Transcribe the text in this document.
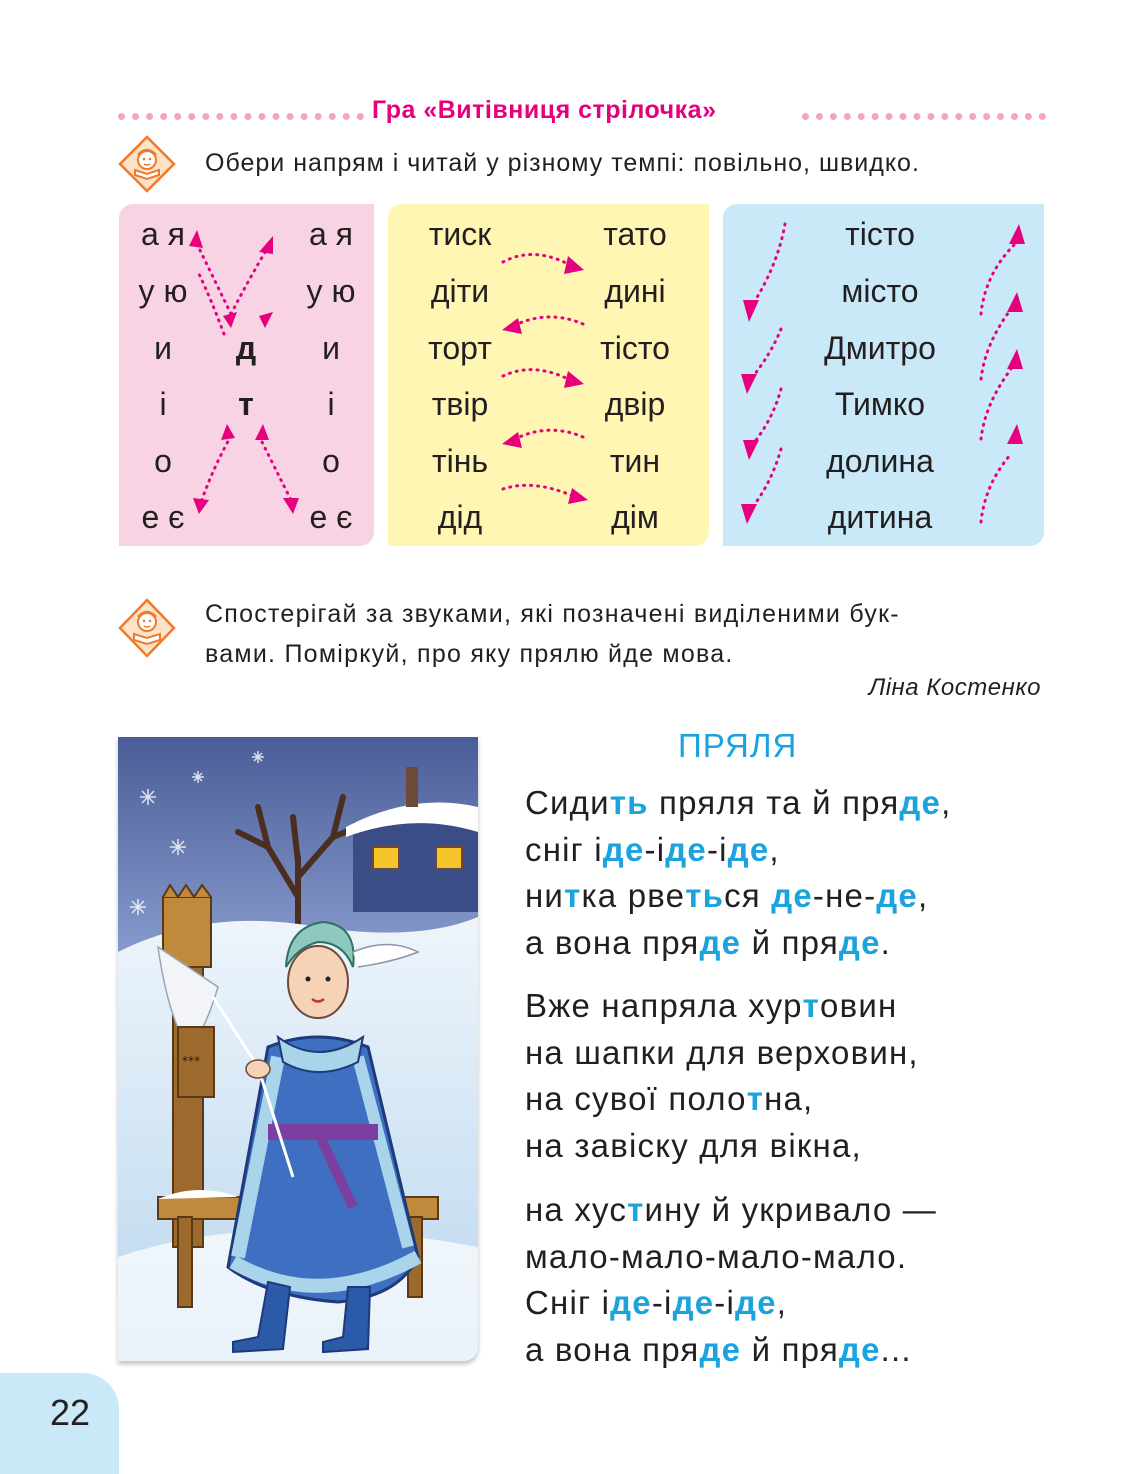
Гра «Витівниця стрілочка»
Обери напрям і читай у різному темпі: повільно, швидко.
Спостерігай за звуками, які позначені виділеними бук-
вами. Поміркуй, про яку прялю йде мова.
Ліна Костенко
***
ПРЯЛЯ
Сидить пряля та й пряде,
сніг іде-іде-іде,
нитка рветься де-не-де,
а вона пряде й пряде.
Вже напряла хуртовин
на шапки для верховин,
на сувої полотна,
на завіску для вікна,
на хустину й укривало —
мало-мало-мало-мало.
Сніг іде-іде-іде,
а вона пряде й пряде...
22
а я
у ю
и
і
о
е є
а я
у ю
и
і
о
е є
д
т
тиск
діти
торт
твір
тінь
дід
тато
дині
тісто
двір
тин
дім
тісто
місто
Дмитро
Тимко
долина
дитина
